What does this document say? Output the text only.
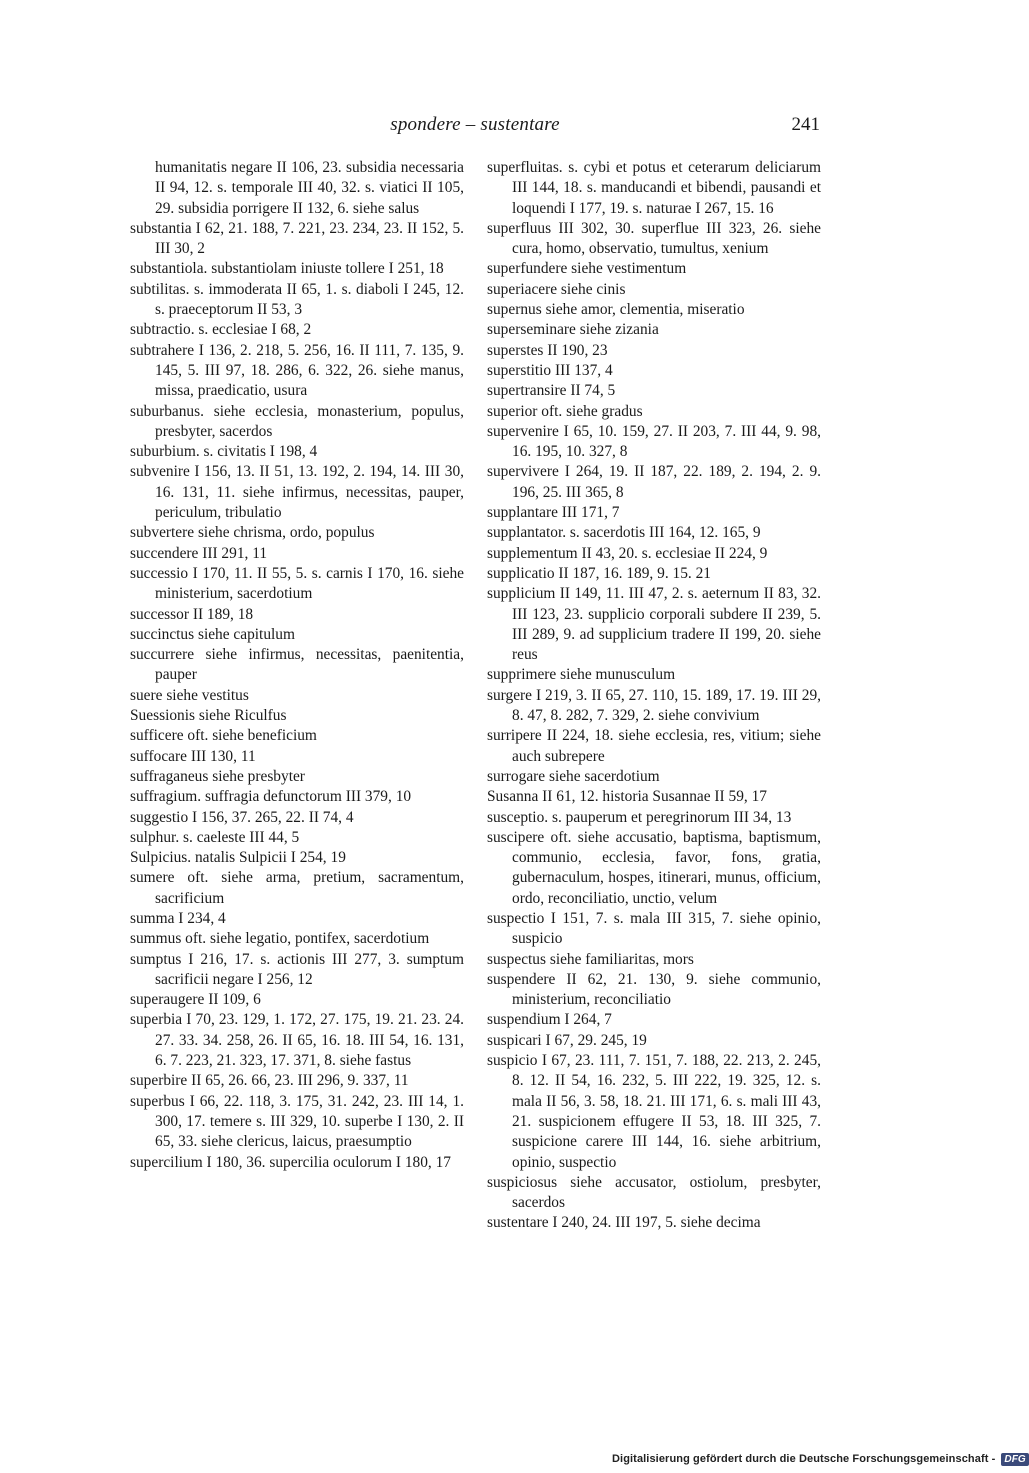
spondere – sustentare	241

humanitatis negare II 106, 23. subsidia necessaria II 94, 12. s. temporale III 40, 32. s. viatici II 105, 29. subsidia porrigere II 132, 6. siehe salus

substantia I 62, 21. 188, 7. 221, 23. 234, 23. II 152, 5. III 30, 2

substantiola. substantiolam iniuste tollere I 251, 18

subtilitas. s. immoderata II 65, 1. s. diaboli I 245, 12. s. praeceptorum II 53, 3

subtractio. s. ecclesiae I 68, 2

subtrahere I 136, 2. 218, 5. 256, 16. II 111, 7. 135, 9. 145, 5. III 97, 18. 286, 6. 322, 26. siehe manus, missa, praedicatio, usura

suburbanus. siehe ecclesia, monasterium, populus, presbyter, sacerdos

suburbium. s. civitatis I 198, 4

subvenire I 156, 13. II 51, 13. 192, 2. 194, 14. III 30, 16. 131, 11. siehe infirmus, necessitas, pauper, periculum, tribulatio

subvertere siehe chrisma, ordo, populus

succendere III 291, 11

successio I 170, 11. II 55, 5. s. carnis I 170, 16. siehe ministerium, sacerdotium

successor II 189, 18

succinctus siehe capitulum

succurrere siehe infirmus, necessitas, paenitentia, pauper

suere siehe vestitus

Suessionis siehe Riculfus

sufficere oft. siehe beneficium

suffocare III 130, 11

suffraganeus siehe presbyter

suffragium. suffragia defunctorum III 379, 10

suggestio I 156, 37. 265, 22. II 74, 4

sulphur. s. caeleste III 44, 5

Sulpicius. natalis Sulpicii I 254, 19

sumere oft. siehe arma, pretium, sacramentum, sacrificium

summa I 234, 4

summus oft. siehe legatio, pontifex, sacerdotium

sumptus I 216, 17. s. actionis III 277, 3. sumptum sacrificii negare I 256, 12

superaugere II 109, 6

superbia I 70, 23. 129, 1. 172, 27. 175, 19. 21. 23. 24. 27. 33. 34. 258, 26. II 65, 16. 18. III 54, 16. 131, 6. 7. 223, 21. 323, 17. 371, 8. siehe fastus

superbire II 65, 26. 66, 23. III 296, 9. 337, 11

superbus I 66, 22. 118, 3. 175, 31. 242, 23. III 14, 1. 300, 17. temere s. III 329, 10. superbe I 130, 2. II 65, 33. siehe clericus, laicus, praesumptio

supercilium I 180, 36. supercilia oculorum I 180, 17

superfluitas. s. cybi et potus et ceterarum deliciarum III 144, 18. s. manducandi et bibendi, pausandi et loquendi I 177, 19. s. naturae I 267, 15. 16

superfluus III 302, 30. superflue III 323, 26. siehe cura, homo, observatio, tumultus, xenium

superfundere siehe vestimentum

superiacere siehe cinis

supernus siehe amor, clementia, miseratio

superseminare siehe zizania

superstes II 190, 23

superstitio III 137, 4

supertransire II 74, 5

superior oft. siehe gradus

supervenire I 65, 10. 159, 27. II 203, 7. III 44, 9. 98, 16. 195, 10. 327, 8

supervivere I 264, 19. II 187, 22. 189, 2. 194, 2. 9. 196, 25. III 365, 8

supplantare III 171, 7

supplantator. s. sacerdotis III 164, 12. 165, 9

supplementum II 43, 20. s. ecclesiae II 224, 9

supplicatio II 187, 16. 189, 9. 15. 21

supplicium II 149, 11. III 47, 2. s. aeternum II 83, 32. III 123, 23. supplicio corporali subdere II 239, 5. III 289, 9. ad supplicium tradere II 199, 20. siehe reus

supprimere siehe munusculum

surgere I 219, 3. II 65, 27. 110, 15. 189, 17. 19. III 29, 8. 47, 8. 282, 7. 329, 2. siehe convivium

surripere II 224, 18. siehe ecclesia, res, vitium; siehe auch subrepere

surrogare siehe sacerdotium

Susanna II 61, 12. historia Susannae II 59, 17

susceptio. s. pauperum et peregrinorum III 34, 13

suscipere oft. siehe accusatio, baptisma, baptismum, communio, ecclesia, favor, fons, gratia, gubernaculum, hospes, itinerari, munus, officium, ordo, reconciliatio, unctio, velum

suspectio I 151, 7. s. mala III 315, 7. siehe opinio, suspicio

suspectus siehe familiaritas, mors

suspendere II 62, 21. 130, 9. siehe communio, ministerium, reconciliatio

suspendium I 264, 7

suspicari I 67, 29. 245, 19

suspicio I 67, 23. 111, 7. 151, 7. 188, 22. 213, 2. 245, 8. 12. II 54, 16. 232, 5. III 222, 19. 325, 12. s. mala II 56, 3. 58, 18. 21. III 171, 6. s. mali III 43, 21. suspicionem effugere II 53, 18. III 325, 7. suspicione carere III 144, 16. siehe arbitrium, opinio, suspectio

suspiciosus siehe accusator, ostiolum, presbyter, sacerdos

sustentare I 240, 24. III 197, 5. siehe decima

Digitalisierung gefördert durch die Deutsche Forschungsgemeinschaft - DFG
